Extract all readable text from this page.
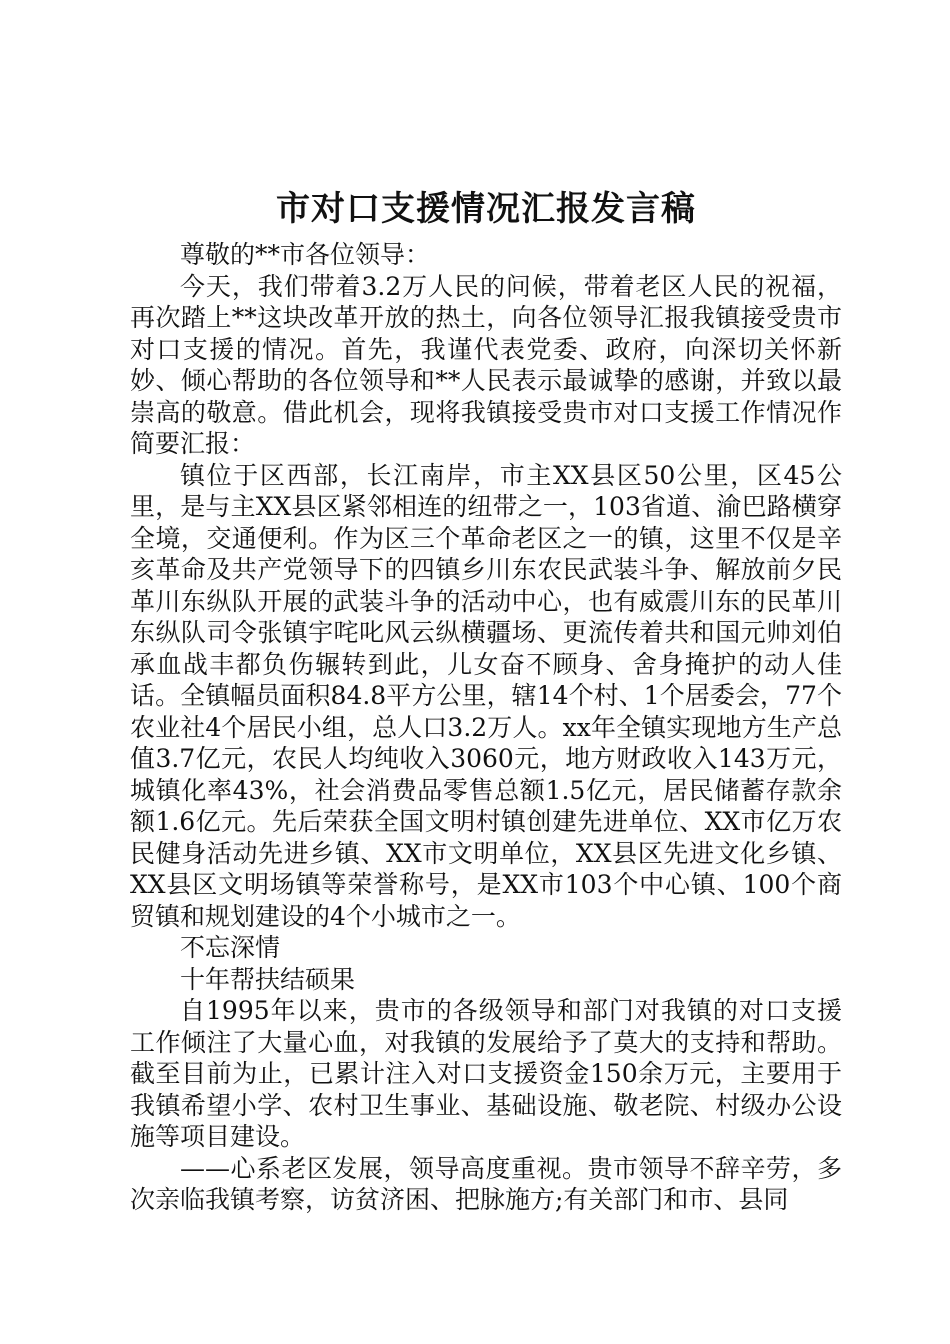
市对口支援情况汇报发言稿

尊敬的**市各位领导：

今天，我们带着3.2万人民的问候，带着老区人民的祝福，再次踏上**这块改革开放的热土，向各位领导汇报我镇接受贵市对口支援的情况。首先，我谨代表党委、政府，向深切关怀新妙、倾心帮助的各位领导和**人民表示最诚挚的感谢，并致以最崇高的敬意。借此机会，现将我镇接受贵市对口支援工作情况作简要汇报：

镇位于区西部，长江南岸，市主XX县区50公里，区45公里，是与主XX县区紧邻相连的纽带之一，103省道、渝巴路横穿全境，交通便利。作为区三个革命老区之一的镇，这里不仅是辛亥革命及共产党领导下的四镇乡川东农民武装斗争、解放前夕民革川东纵队开展的武装斗争的活动中心，也有威震川东的民革川东纵队司令张镇宇咤叱风云纵横疆场、更流传着共和国元帅刘伯承血战丰都负伤辗转到此，儿女奋不顾身、舍身掩护的动人佳话。全镇幅员面积84.8平方公里，辖14个村、1个居委会，77个农业社4个居民小组，总人口3.2万人。xx年全镇实现地方生产总值3.7亿元，农民人均纯收入3060元，地方财政收入143万元，城镇化率43%，社会消费品零售总额1.5亿元，居民储蓄存款余额1.6亿元。先后荣获全国文明村镇创建先进单位、XX市亿万农民健身活动先进乡镇、XX市文明单位，XX县区先进文化乡镇、XX县区文明场镇等荣誉称号，是XX市103个中心镇、100个商贸镇和规划建设的4个小城市之一。

不忘深情

十年帮扶结硕果

自1995年以来，贵市的各级领导和部门对我镇的对口支援工作倾注了大量心血，对我镇的发展给予了莫大的支持和帮助。截至目前为止，已累计注入对口支援资金150余万元，主要用于我镇希望小学、农村卫生事业、基础设施、敬老院、村级办公设施等项目建设。

——心系老区发展，领导高度重视。贵市领导不辞辛劳，多次亲临我镇考察，访贫济困、把脉施方;有关部门和市、县同
